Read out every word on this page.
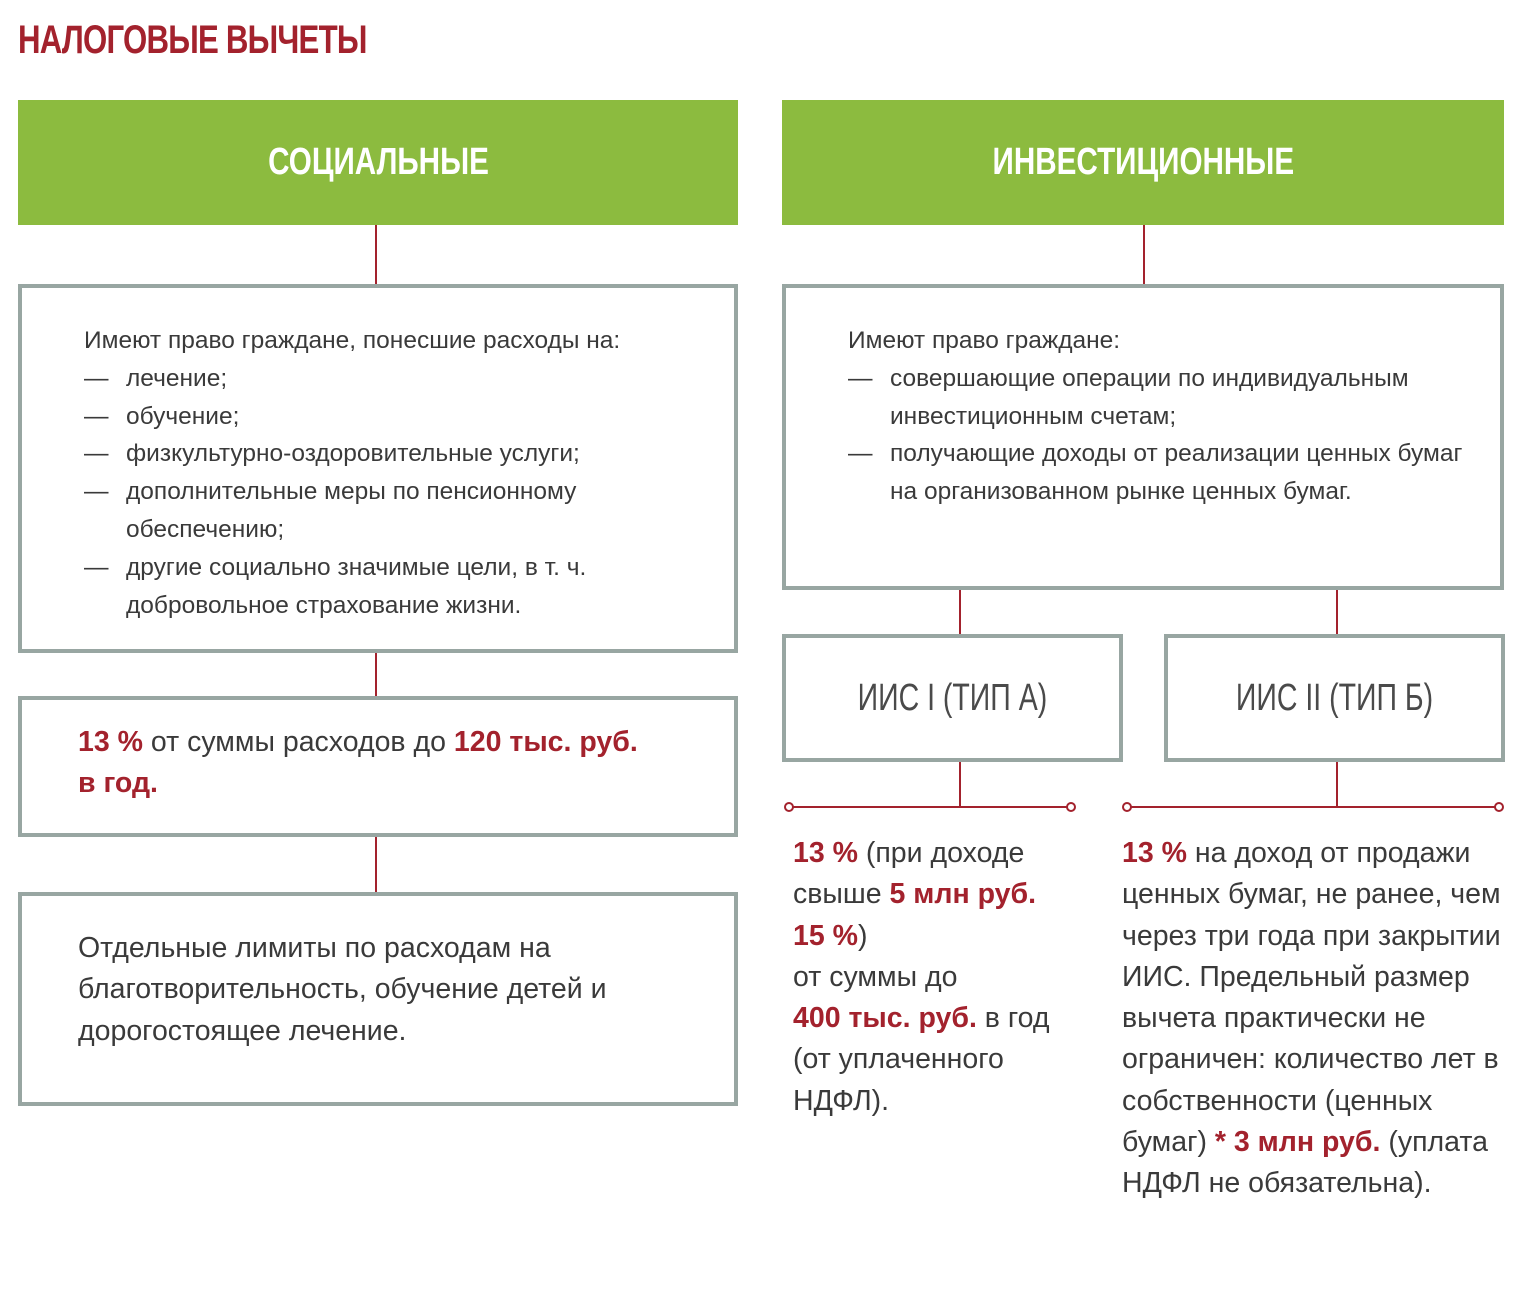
НАЛОГОВЫЕ ВЫЧЕТЫ
СОЦИАЛЬНЫЕ
Имеют право граждане, понесшие расходы на:
— лечение;
— обучение;
— физкультурно-оздоровительные услуги;
— дополнительные меры по пенсионному обеспечению;
— другие социально значимые цели, в т. ч. добровольное страхование жизни.
13 % от суммы расходов до 120 тыс. руб.
в год.
Отдельные лимиты по расходам на благотворительность, обучение детей и дорогостоящее лечение.
ИНВЕСТИЦИОННЫЕ
Имеют право граждане:
— совершающие операции по индивидуальным инвестиционным счетам;
— получающие доходы от реализации ценных бумаг на организованном рынке ценных бумаг.
ИИС I (ТИП А)	ИИС II (ТИП Б)
13 % (при доходе свыше 5 млн руб.
15 %)
от суммы до
400 тыс. руб. в год (от уплаченного НДФЛ).
13 % на доход от продажи ценных бумаг, не ранее, чем через три года при закрытии ИИС. Предельный размер вычета практически не ограничен: количество лет в собственности (ценных бумаг) * 3 млн руб. (уплата НДФЛ не обязательна).
